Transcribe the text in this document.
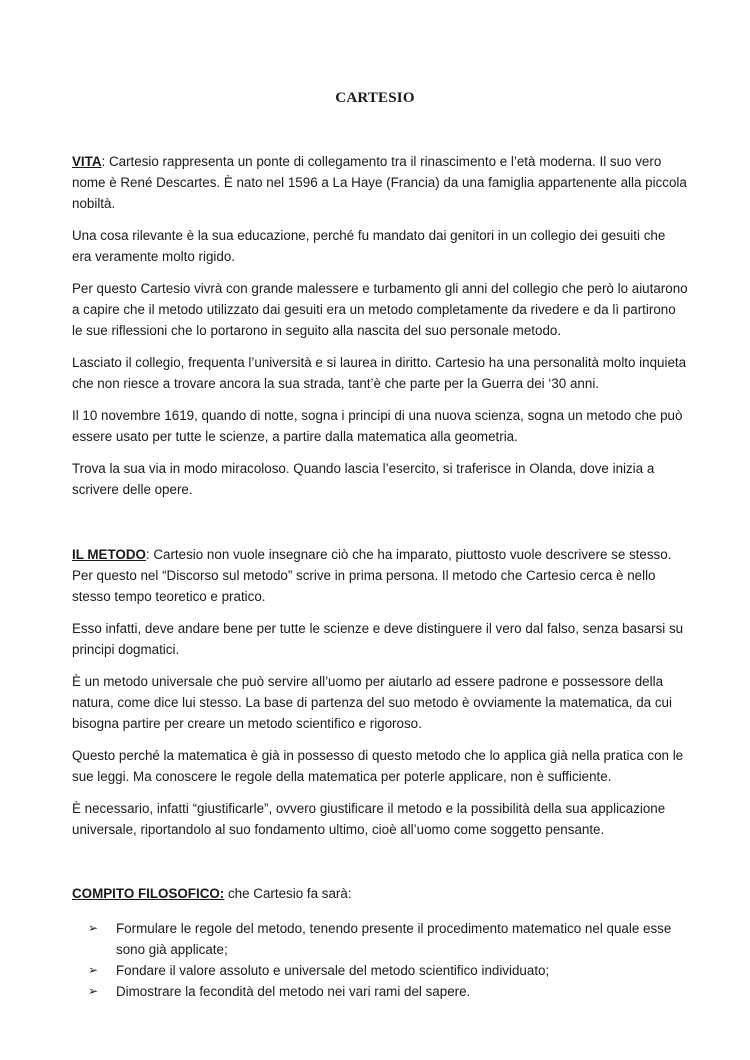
CARTESIO

VITA: Cartesio rappresenta un ponte di collegamento tra il rinascimento e l’età moderna. Il suo vero nome è René Descartes. È nato nel 1596 a La Haye (Francia) da una famiglia appartenente alla piccola nobiltà.

Una cosa rilevante è la sua educazione, perché fu mandato dai genitori in un collegio dei gesuiti che era veramente molto rigido.

Per questo Cartesio vivrà con grande malessere e turbamento gli anni del collegio che però lo aiutarono a capire che il metodo utilizzato dai gesuiti era un metodo completamente da rivedere e da lì partirono le sue riflessioni che lo portarono in seguito alla nascita del suo personale metodo.

Lasciato il collegio, frequenta l’università e si laurea in diritto. Cartesio ha una personalità molto inquieta che non riesce a trovare ancora la sua strada, tant’è che parte per la Guerra dei ‘30 anni.

Il 10 novembre 1619, quando di notte, sogna i principi di una nuova scienza, sogna un metodo che può essere usato per tutte le scienze, a partire dalla matematica alla geometria.

Trova la sua via in modo miracoloso. Quando lascia l’esercito, si traferisce in Olanda, dove inizia a scrivere delle opere.

IL METODO: Cartesio non vuole insegnare ciò che ha imparato, piuttosto vuole descrivere se stesso. Per questo nel “Discorso sul metodo” scrive in prima persona. Il metodo che Cartesio cerca è nello stesso tempo teoretico e pratico.

Esso infatti, deve andare bene per tutte le scienze e deve distinguere il vero dal falso, senza basarsi su principi dogmatici.

È un metodo universale che può servire all’uomo per aiutarlo ad essere padrone e possessore della natura, come dice lui stesso. La base di partenza del suo metodo è ovviamente la matematica, da cui bisogna partire per creare un metodo scientifico e rigoroso.

Questo perché la matematica è già in possesso di questo metodo che lo applica già nella pratica con le sue leggi. Ma conoscere le regole della matematica per poterle applicare, non è sufficiente.

È necessario, infatti “giustificarle”, ovvero giustificare il metodo e la possibilità della sua applicazione universale, riportandolo al suo fondamento ultimo, cioè all’uomo come soggetto pensante.

COMPITO FILOSOFICO: che Cartesio fa sarà:

➢ Formulare le regole del metodo, tenendo presente il procedimento matematico nel quale esse sono già applicate;
➢ Fondare il valore assoluto e universale del metodo scientifico individuato;
➢ Dimostrare la fecondità del metodo nei vari rami del sapere.
